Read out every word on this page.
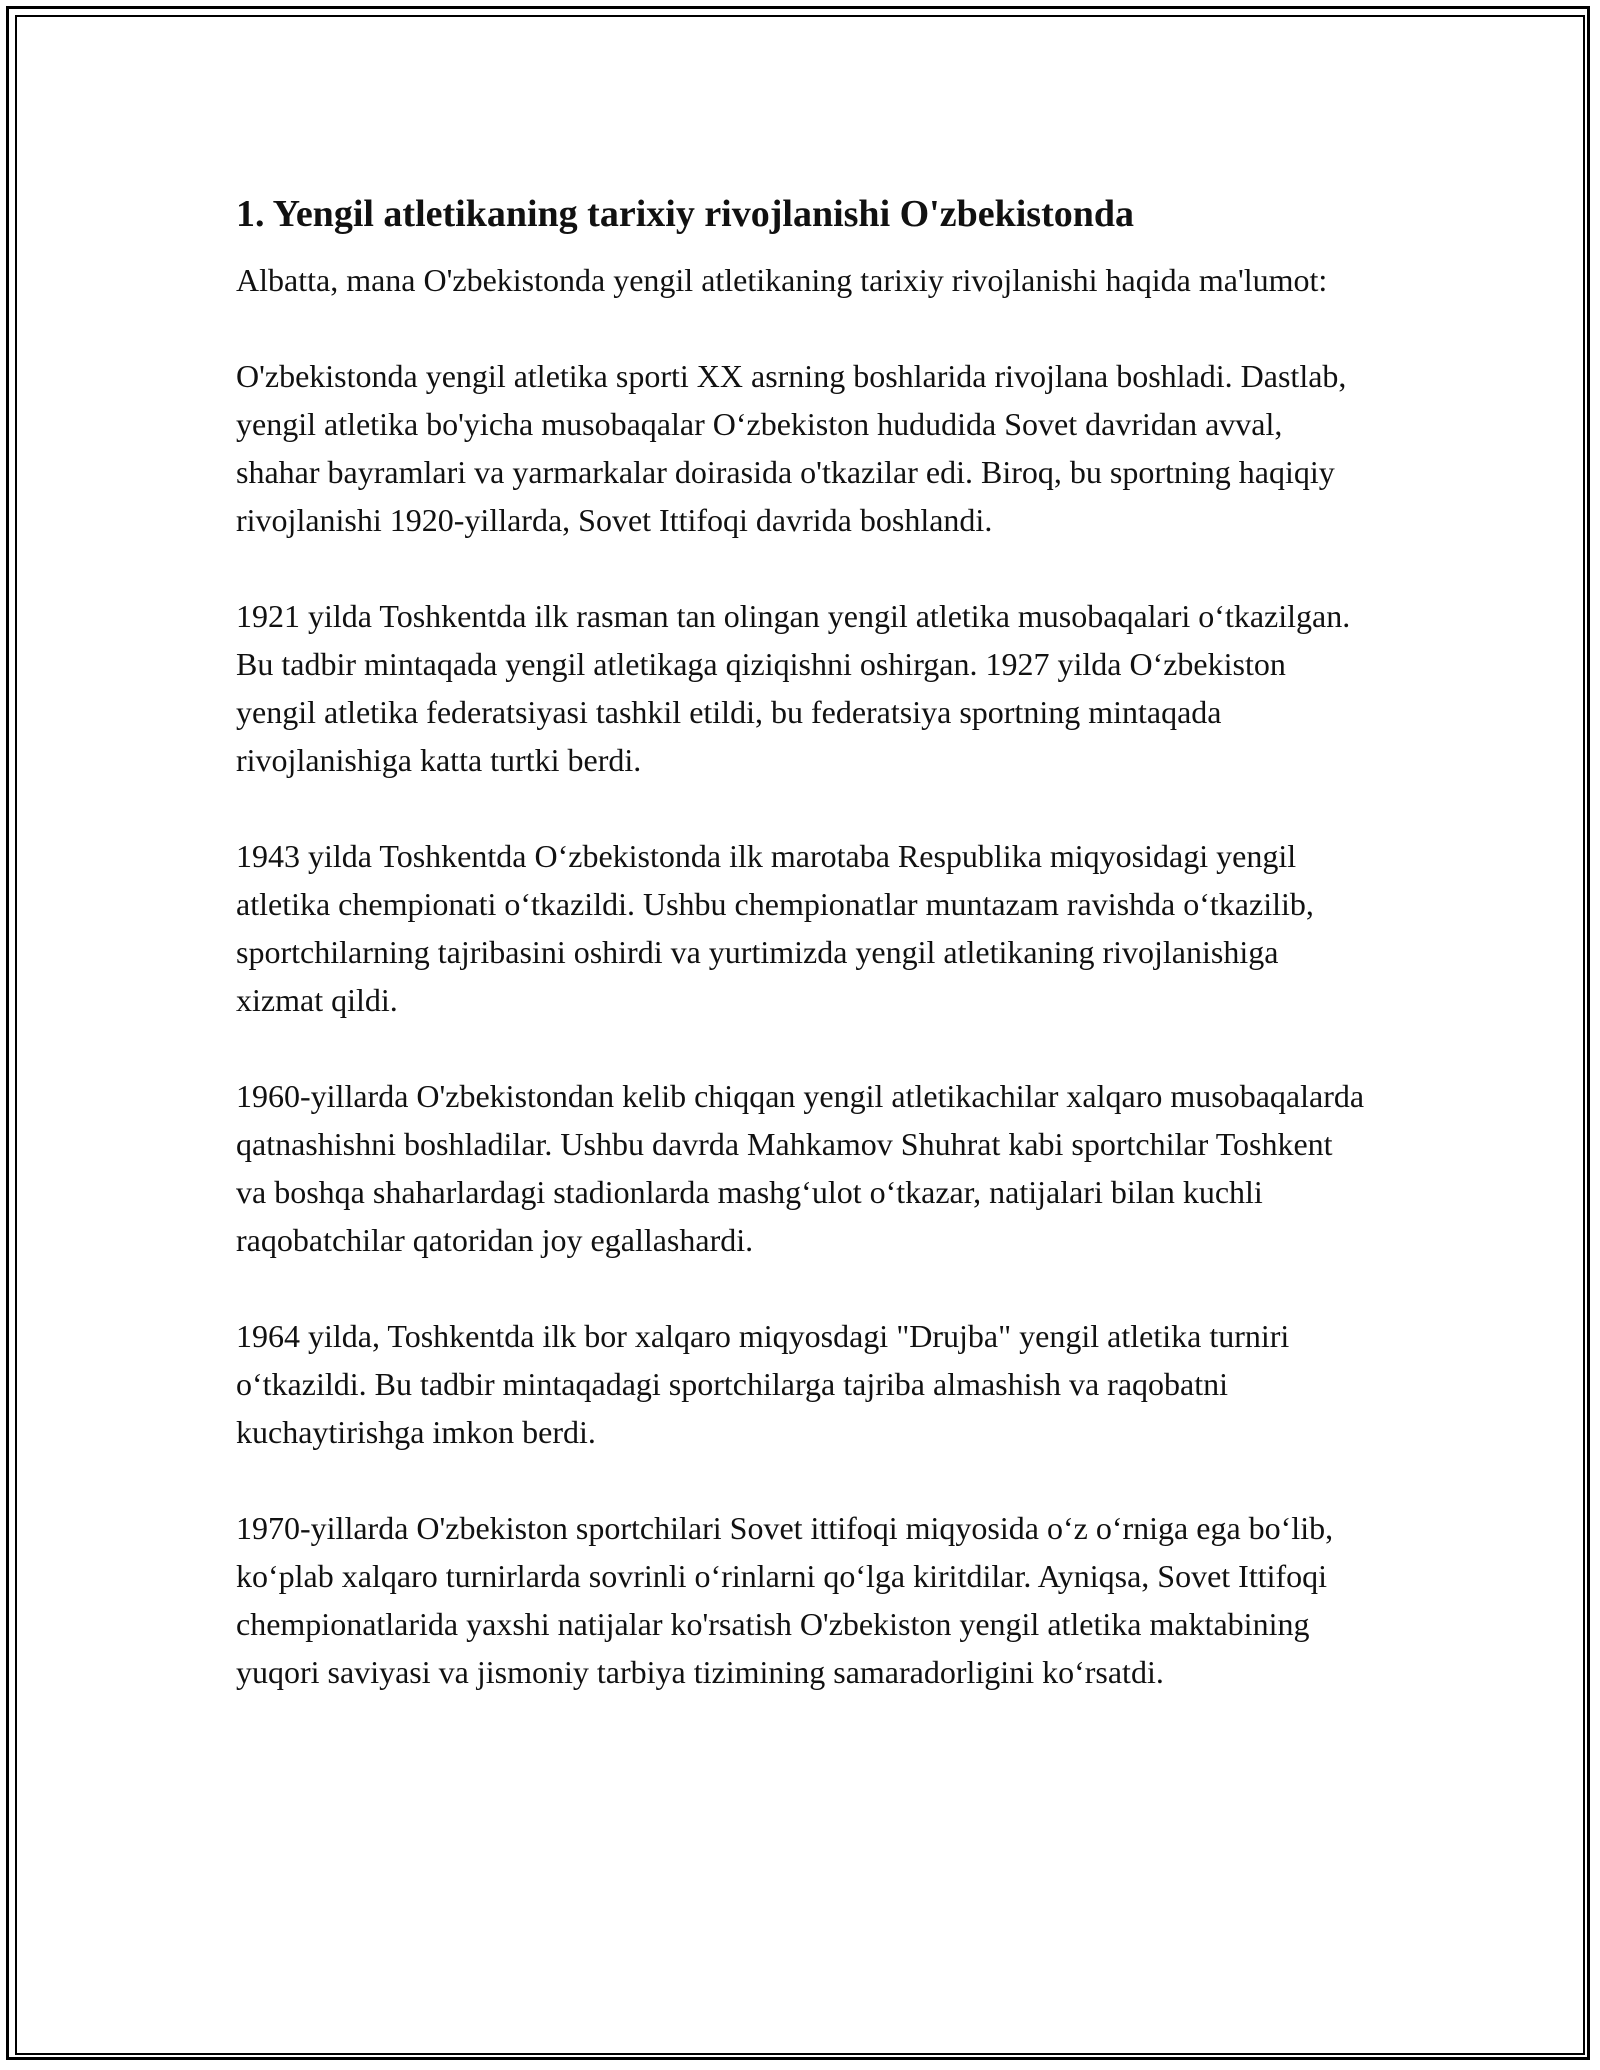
1. Yengil atletikaning tarixiy rivojlanishi O'zbekistonda

Albatta, mana O'zbekistonda yengil atletikaning tarixiy rivojlanishi haqida ma'lumot:

O'zbekistonda yengil atletika sporti XX asrning boshlarida rivojlana boshladi. Dastlab, yengil atletika bo'yicha musobaqalar O‘zbekiston hududida Sovet davridan avval, shahar bayramlari va yarmarkalar doirasida o'tkazilar edi. Biroq, bu sportning haqiqiy rivojlanishi 1920-yillarda, Sovet Ittifoqi davrida boshlandi.

1921 yilda Toshkentda ilk rasman tan olingan yengil atletika musobaqalari o‘tkazilgan. Bu tadbir mintaqada yengil atletikaga qiziqishni oshirgan. 1927 yilda O‘zbekiston yengil atletika federatsiyasi tashkil etildi, bu federatsiya sportning mintaqada rivojlanishiga katta turtki berdi.

1943 yilda Toshkentda O‘zbekistonda ilk marotaba Respublika miqyosidagi yengil atletika chempionati o‘tkazildi. Ushbu chempionatlar muntazam ravishda o‘tkazilib, sportchilarning tajribasini oshirdi va yurtimizda yengil atletikaning rivojlanishiga xizmat qildi.

1960-yillarda O'zbekistondan kelib chiqqan yengil atletikachilar xalqaro musobaqalarda qatnashishni boshladilar. Ushbu davrda Mahkamov Shuhrat kabi sportchilar Toshkent va boshqa shaharlardagi stadionlarda mashg‘ulot o‘tkazar, natijalari bilan kuchli raqobatchilar qatoridan joy egallashardi.

1964 yilda, Toshkentda ilk bor xalqaro miqyosdagi "Drujba" yengil atletika turniri o‘tkazildi. Bu tadbir mintaqadagi sportchilarga tajriba almashish va raqobatni kuchaytirishga imkon berdi.

1970-yillarda O'zbekiston sportchilari Sovet ittifoqi miqyosida o‘z o‘rniga ega bo‘lib, ko‘plab xalqaro turnirlarda sovrinli o‘rinlarni qo‘lga kiritdilar. Ayniqsa, Sovet Ittifoqi chempionatlarida yaxshi natijalar ko'rsatish O'zbekiston yengil atletika maktabining yuqori saviyasi va jismoniy tarbiya tizimining samaradorligini ko‘rsatdi.
